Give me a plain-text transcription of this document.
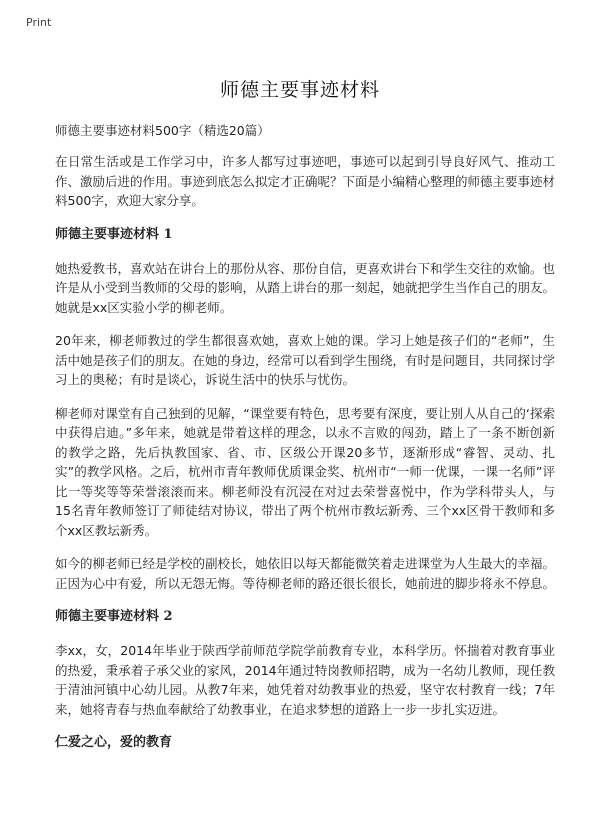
Print
师德主要事迹材料
师德主要事迹材料500字（精选20篇）

在日常生活或是工作学习中，许多人都写过事迹吧，事迹可以起到引导良好风气、推动工作、激励后进的作用。事迹到底怎么拟定才正确呢？下面是小编精心整理的师德主要事迹材料500字，欢迎大家分享。

师德主要事迹材料 1

她热爱教书，喜欢站在讲台上的那份从容、那份自信，更喜欢讲台下和学生交往的欢愉。也许是从小受到当教师的父母的影响，从踏上讲台的那一刻起，她就把学生当作自己的朋友。她就是xx区实验小学的柳老师。

20年来，柳老师教过的学生都很喜欢她，喜欢上她的课。学习上她是孩子们的“老师”，生活中她是孩子们的朋友。在她的身边，经常可以看到学生围绕，有时是问题目，共同探讨学习上的奥秘；有时是谈心，诉说生活中的快乐与忧伤。

柳老师对课堂有自己独到的见解，“课堂要有特色，思考要有深度，要让别人从自己的‘探索中获得启迪。”多年来，她就是带着这样的理念，以永不言败的闯劲，踏上了一条不断创新的教学之路，先后执教国家、省、市、区级公开课20多节，逐渐形成“睿智、灵动、扎实”的教学风格。之后，杭州市青年教师优质课金奖、杭州市“一师一优课，一课一名师”评比一等奖等等荣誉滚滚而来。柳老师没有沉浸在对过去荣誉喜悦中，作为学科带头人，与15名青年教师签订了师徒结对协议，带出了两个杭州市教坛新秀、三个xx区骨干教师和多个xx区教坛新秀。

如今的柳老师已经是学校的副校长，她依旧以每天都能微笑着走进课堂为人生最大的幸福。正因为心中有爱，所以无怨无悔。等待柳老师的路还很长很长，她前进的脚步将永不停息。

师德主要事迹材料 2

李xx，女，2014年毕业于陕西学前师范学院学前教育专业，本科学历。怀揣着对教育事业的热爱，秉承着子承父业的家风，2014年通过特岗教师招聘，成为一名幼儿教师，现任教于清油河镇中心幼儿园。从教7年来，她凭着对幼教事业的热爱，坚守农村教育一线；7年来，她将青春与热血奉献给了幼教事业，在追求梦想的道路上一步一步扎实迈进。

仁爱之心，爱的教育
